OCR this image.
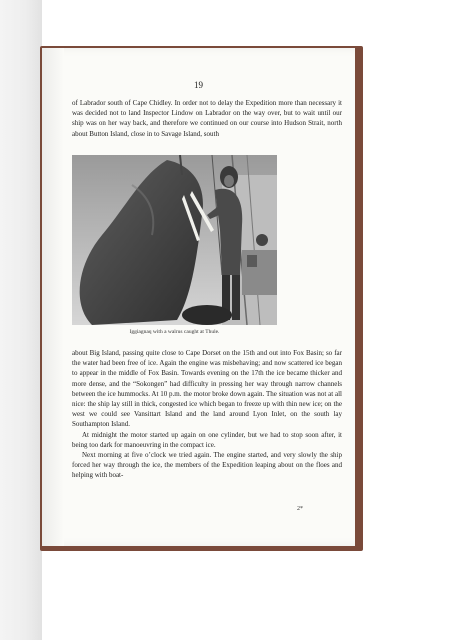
19

of Labrador south of Cape Chidley. In order not to delay the Expedition more than necessary it was decided not to land Inspector Lindow on Labrador on the way over, but to wait until our ship was on her way back, and therefore we continued on our course into Hudson Strait, north about Button Island, close in to Savage Island, south

Iggiagnaq with a walrus caught at Thule.

about Big Island, passing quite close to Cape Dorset on the 15th and out into Fox Basin; so far the water had been free of ice. Again the engine was misbehaving; and now scattered ice began to appear in the middle of Fox Basin. Towards evening on the 17th the ice became thicker and more dense, and the “Sokongen” had difficulty in pressing her way through narrow channels between the ice hummocks. At 10 p.m. the motor broke down again. The situation was not at all nice: the ship lay still in thick, congested ice which began to freeze up with thin new ice; on the west we could see Vansittart Island and the land around Lyon Inlet, on the south lay Southampton Island.

At midnight the motor started up again on one cylinder, but we had to stop soon after, it being too dark for manoeuvring in the compact ice.

Next morning at five o’clock we tried again. The engine started, and very slowly the ship forced her way through the ice, the members of the Expedition leaping about on the floes and helping with boat-

2*
